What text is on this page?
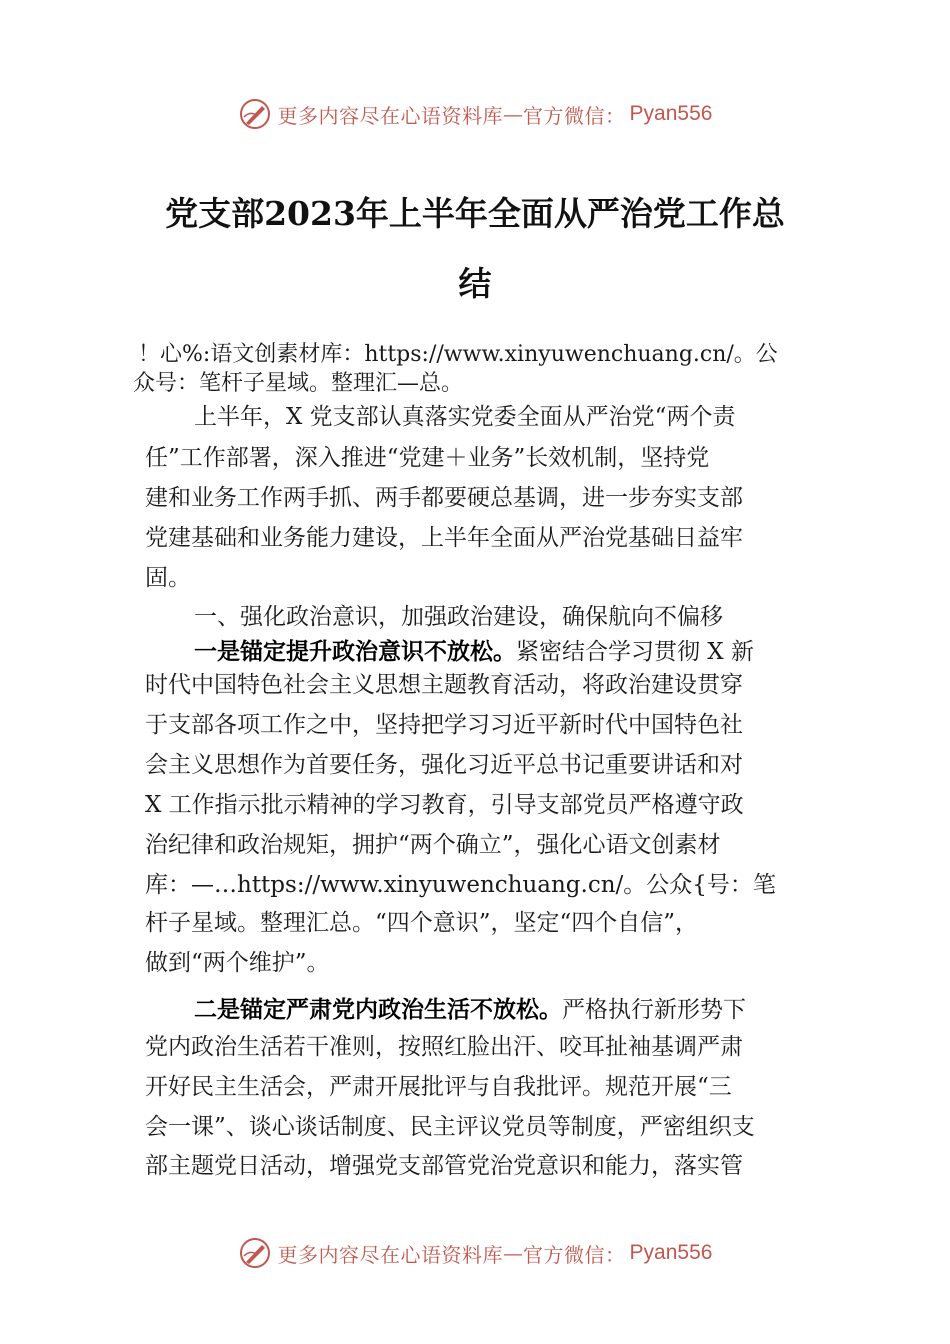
更多内容尽在心语资料库 — 官方微信： Pyan556
党支部2023年上半年全面从严治党工作总
结
！心%:语文创素材库：https://www.xinyuwenchuang.cn/。公
众号：笔杆子星域。整理汇—总。
上半年，X 党支部认真落实党委全面从严治党“两个责
任”工作部署，深入推进“党建＋业务”长效机制，坚持党
建和业务工作两手抓、两手都要硬总基调，进一步夯实支部
党建基础和业务能力建设，上半年全面从严治党基础日益牢
固。
一、强化政治意识，加强政治建设，确保航向不偏移
一是锚定提升政治意识不放松。紧密结合学习贯彻 X 新
时代中国特色社会主义思想主题教育活动，将政治建设贯穿
于支部各项工作之中，坚持把学习习近平新时代中国特色社
会主义思想作为首要任务，强化习近平总书记重要讲话和对
X 工作指示批示精神的学习教育，引导支部党员严格遵守政
治纪律和政治规矩，拥护“两个确立”，强化心语文创素材
库：—…https://www.xinyuwenchuang.cn/。公众{号：笔
杆子星域。整理汇总。“四个意识”，坚定“四个自信”，
做到“两个维护”。
二是锚定严肃党内政治生活不放松。严格执行新形势下
党内政治生活若干准则，按照红脸出汗、咬耳扯袖基调严肃
开好民主生活会，严肃开展批评与自我批评。规范开展“三
会一课”、谈心谈话制度、民主评议党员等制度，严密组织支
部主题党日活动，增强党支部管党治党意识和能力，落实管
更多内容尽在心语资料库 — 官方微信： Pyan556
